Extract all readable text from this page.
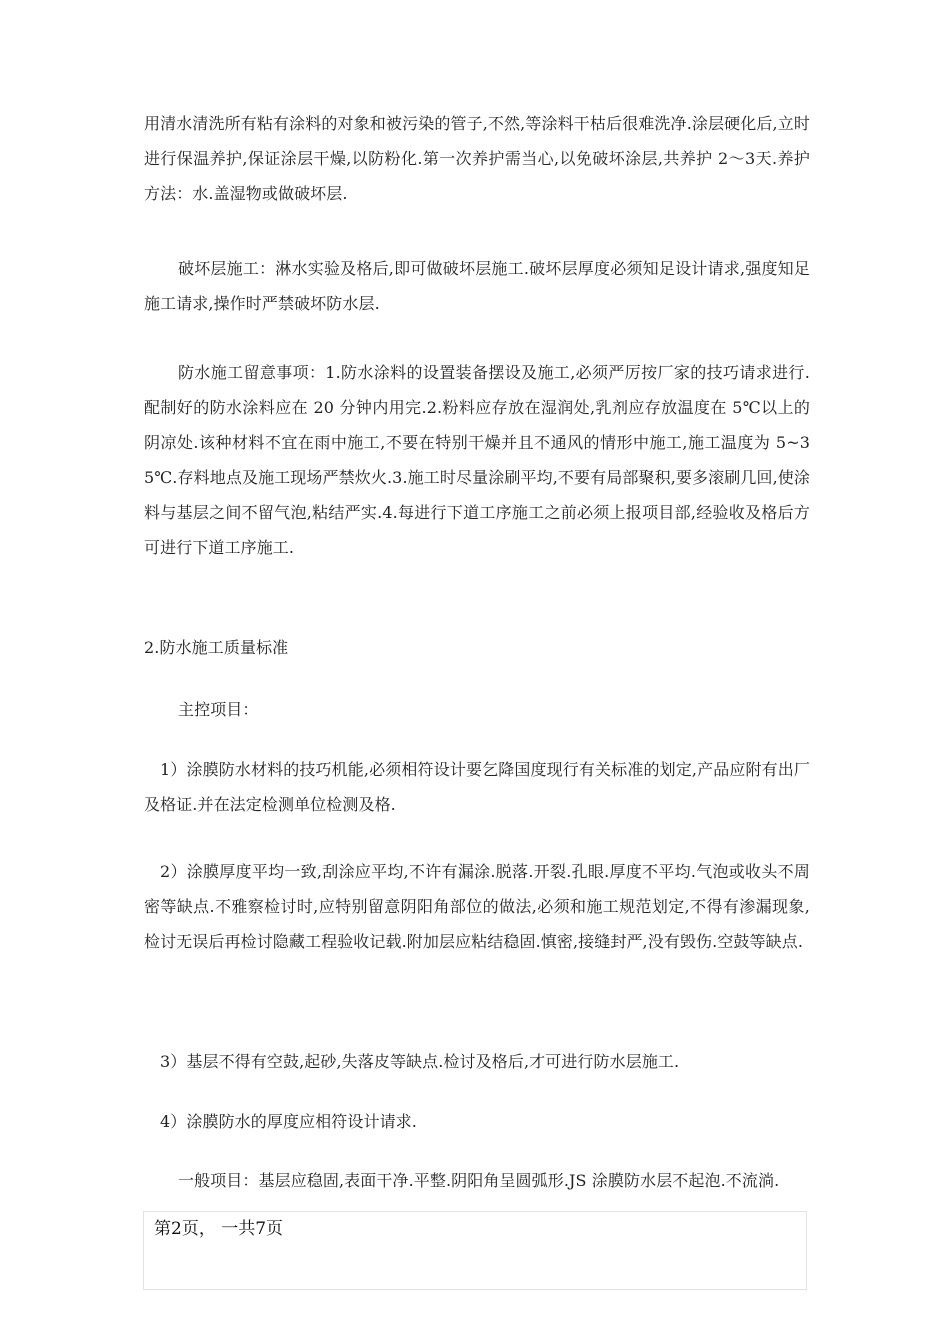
用清水清洗所有粘有涂料的对象和被污染的管子,不然,等涂料干枯后很难洗净.涂层硬化后,立时进行保温养护,保证涂层干燥,以防粉化.第一次养护需当心,以免破坏涂层,共养护 2～3天.养护方法：水.盖湿物或做破坏层.

破坏层施工：淋水实验及格后,即可做破坏层施工.破坏层厚度必须知足设计请求,强度知足施工请求,操作时严禁破坏防水层.

防水施工留意事项：1.防水涂料的设置装备摆设及施工,必须严厉按厂家的技巧请求进行.配制好的防水涂料应在 20 分钟内用完.2.粉料应存放在湿润处,乳剂应存放温度在 5℃以上的阴凉处.该种材料不宜在雨中施工,不要在特别干燥并且不通风的情形中施工,施工温度为 5~35℃.存料地点及施工现场严禁炊火.3.施工时尽量涂刷平均,不要有局部聚积,要多滚刷几回,使涂料与基层之间不留气泡,粘结严实.4.每进行下道工序施工之前必须上报项目部,经验收及格后方可进行下道工序施工.

2.防水施工质量标准

主控项目：

1）涂膜防水材料的技巧机能,必须相符设计要乞降国度现行有关标准的划定,产品应附有出厂及格证.并在法定检测单位检测及格.

2）涂膜厚度平均一致,刮涂应平均,不许有漏涂.脱落.开裂.孔眼.厚度不平均.气泡或收头不周密等缺点.不雅察检讨时,应特别留意阴阳角部位的做法,必须和施工规范划定,不得有渗漏现象,检讨无误后再检讨隐藏工程验收记载.附加层应粘结稳固.慎密,接缝封严,没有毁伤.空鼓等缺点.

3）基层不得有空鼓,起砂,失落皮等缺点.检讨及格后,才可进行防水层施工.

4）涂膜防水的厚度应相符设计请求.

一般项目：基层应稳固,表面干净.平整.阴阳角呈圆弧形.JS 涂膜防水层不起泡.不流淌.

第2页， 一共7页
